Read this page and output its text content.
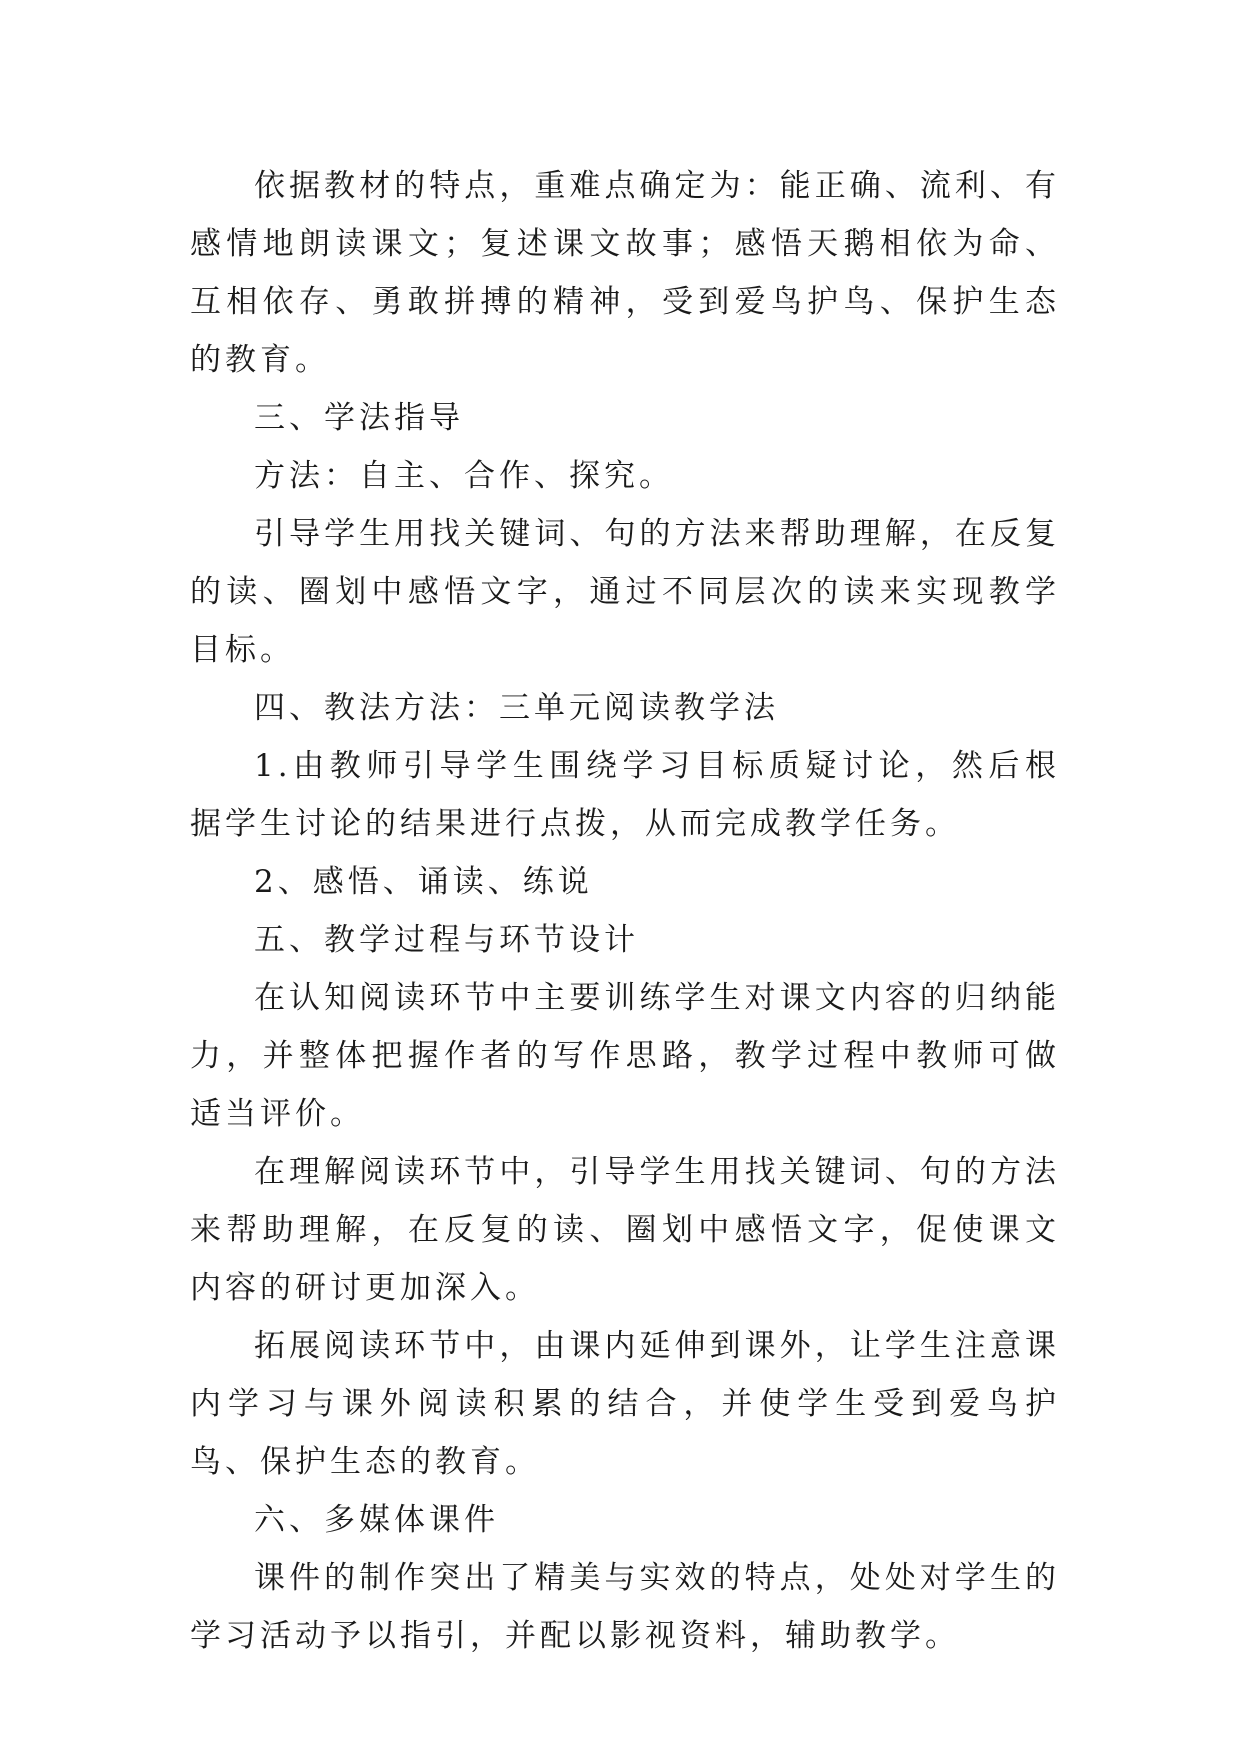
依据教材的特点，重难点确定为：能正确、流利、有感情地朗读课文；复述课文故事；感悟天鹅相依为命、互相依存、勇敢拼搏的精神，受到爱鸟护鸟、保护生态的教育。

三、学法指导

方法：自主、合作、探究。

引导学生用找关键词、句的方法来帮助理解，在反复的读、圈划中感悟文字，通过不同层次的读来实现教学目标。

四、教法方法：三单元阅读教学法

1.由教师引导学生围绕学习目标质疑讨论，然后根据学生讨论的结果进行点拨，从而完成教学任务。

2、感悟、诵读、练说

五、教学过程与环节设计

在认知阅读环节中主要训练学生对课文内容的归纳能力，并整体把握作者的写作思路，教学过程中教师可做适当评价。

在理解阅读环节中，引导学生用找关键词、句的方法来帮助理解，在反复的读、圈划中感悟文字，促使课文内容的研讨更加深入。

拓展阅读环节中，由课内延伸到课外，让学生注意课内学习与课外阅读积累的结合，并使学生受到爱鸟护鸟、保护生态的教育。

六、多媒体课件

课件的制作突出了精美与实效的特点，处处对学生的学习活动予以指引，并配以影视资料，辅助教学。
